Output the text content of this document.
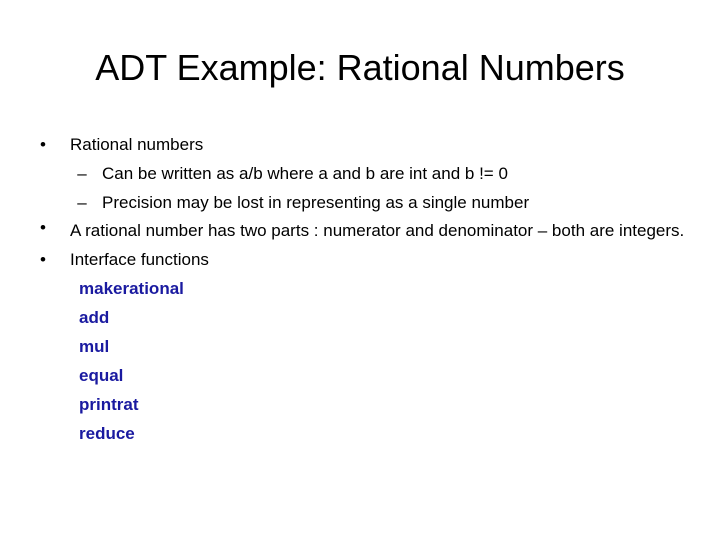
ADT Example: Rational Numbers
• Rational numbers
– Can be written as a/b where a and b are int and b != 0
– Precision may be lost in representing as a single number
• A rational number has two parts : numerator and denominator – both are integers.
• Interface functions
makerational
add
mul
equal
printrat
reduce
